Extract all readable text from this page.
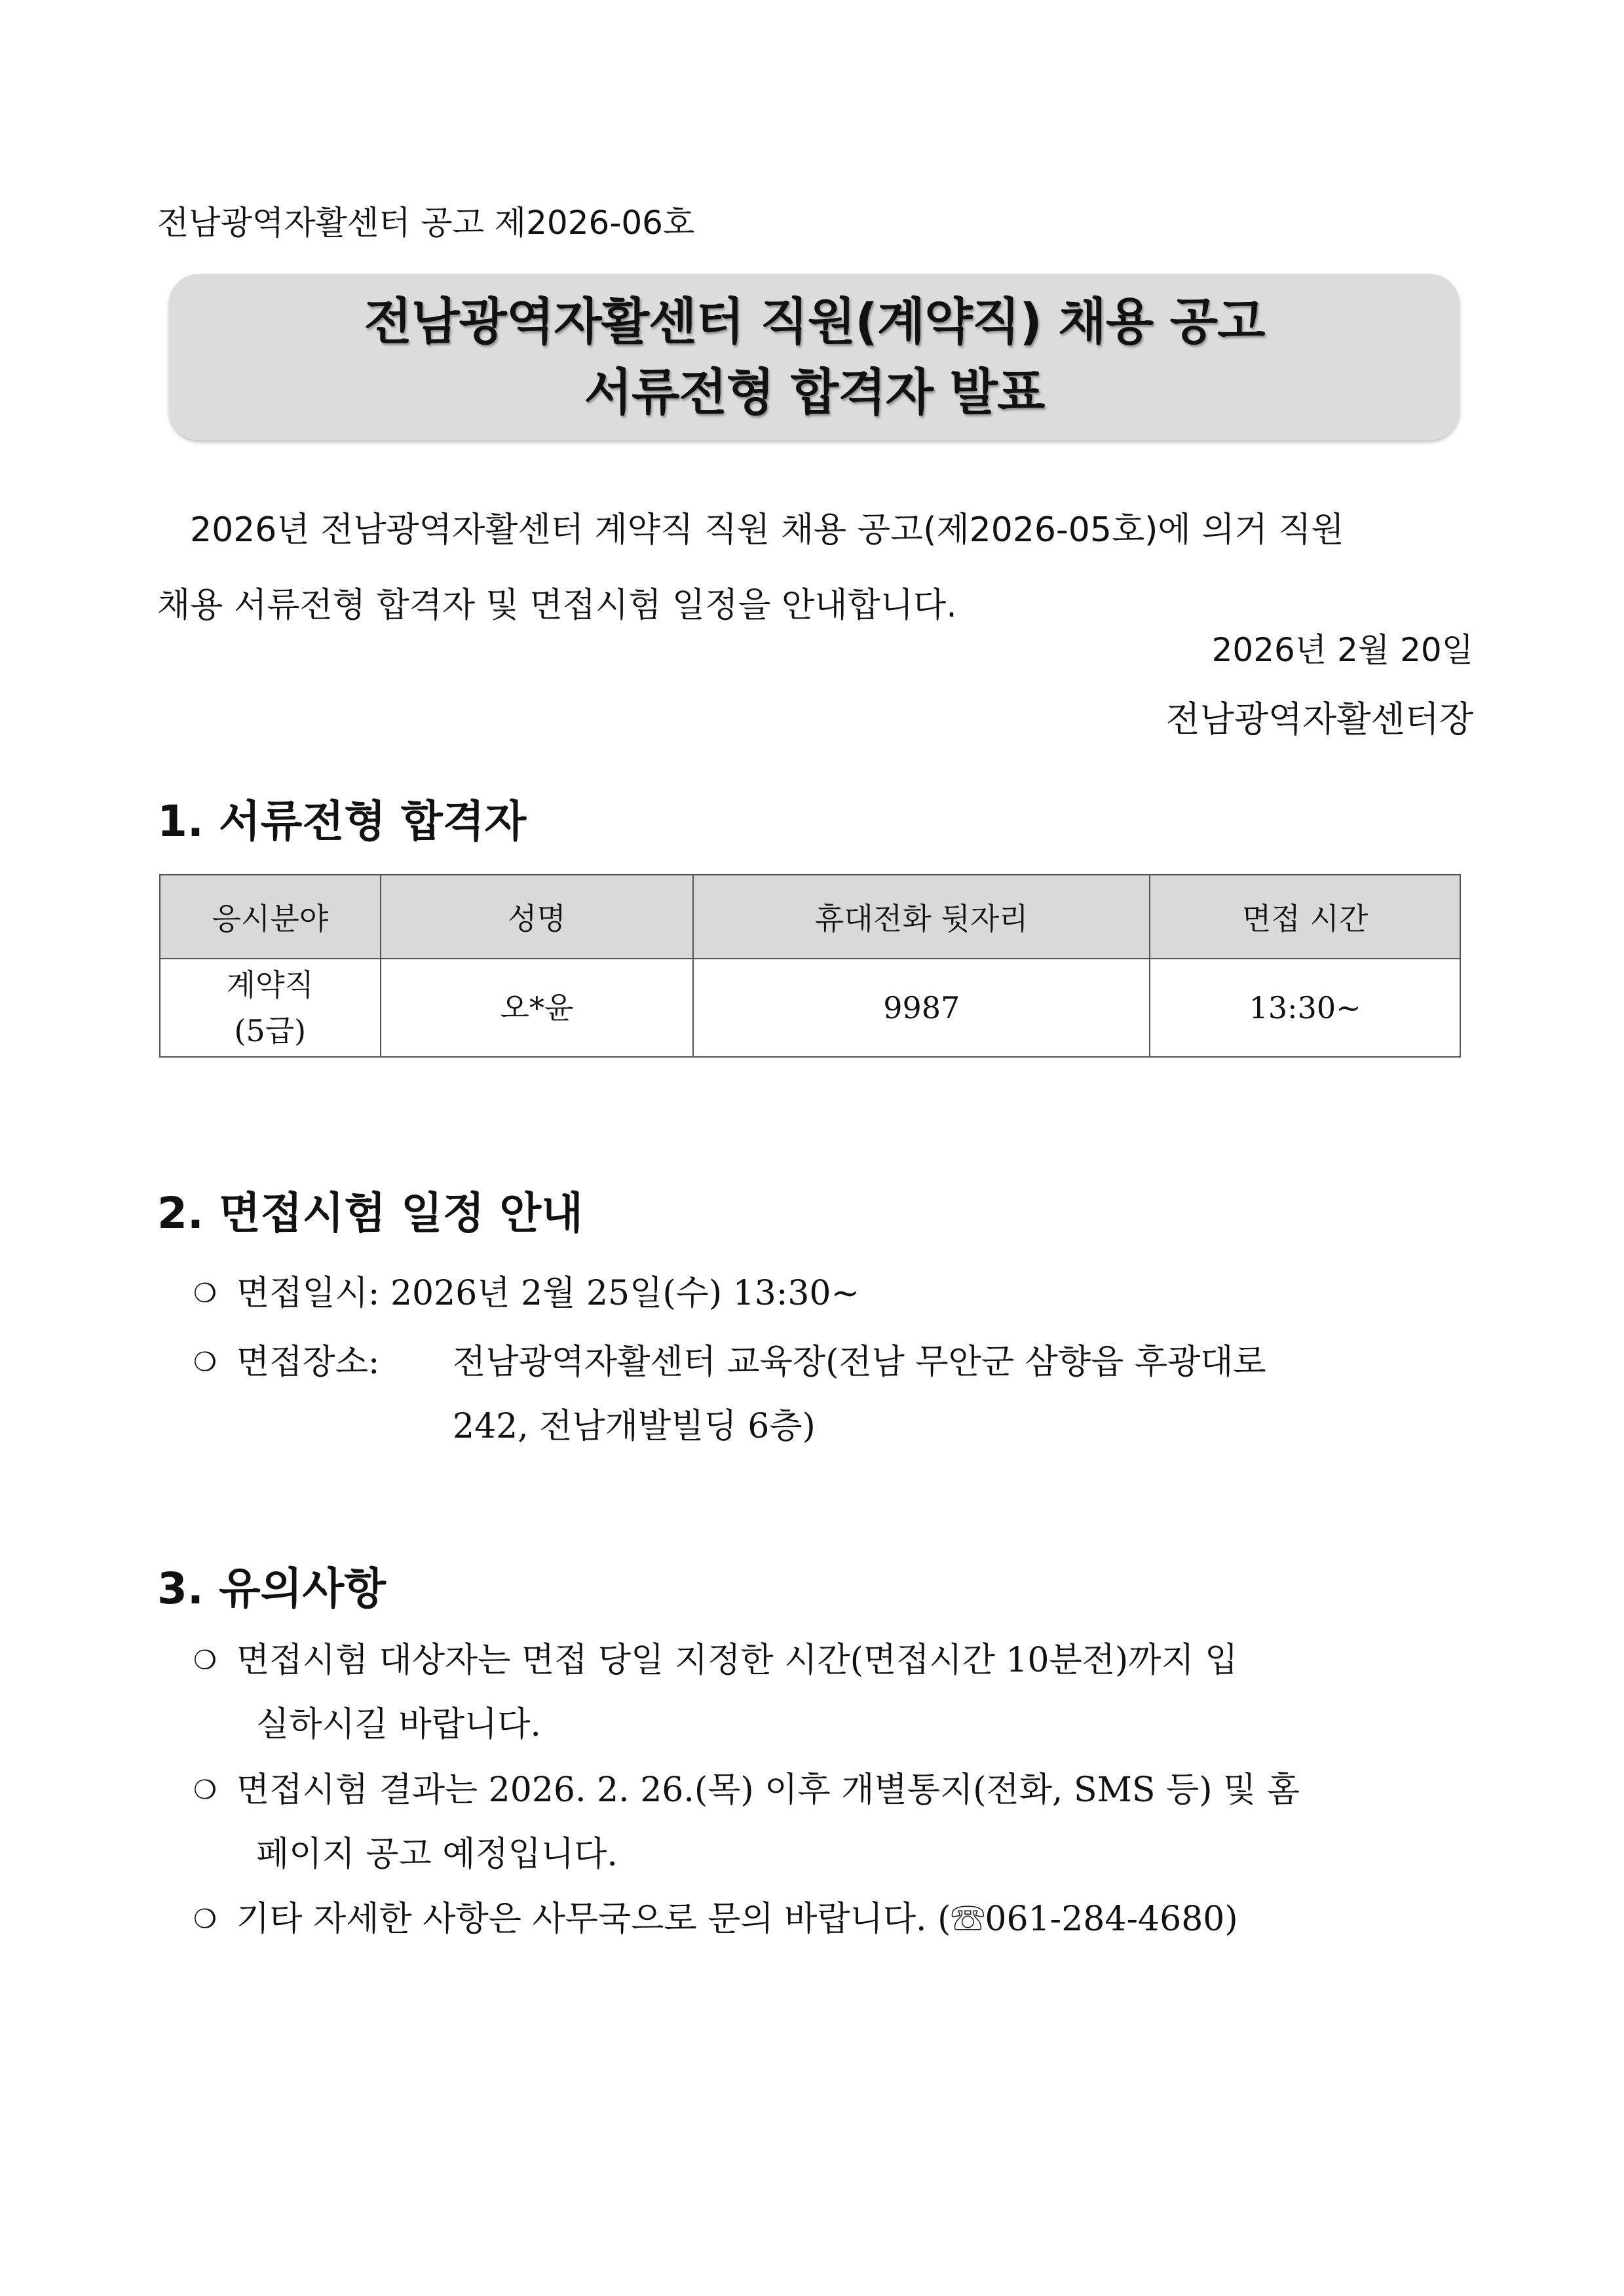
전남광역자활센터 공고 제2026-06호
전남광역자활센터 직원(계약직) 채용 공고
서류전형 합격자 발표
2026년 전남광역자활센터 계약직 직원 채용 공고(제2026-05호)에 의거 직원
채용 서류전형 합격자 및 면접시험 일정을 안내합니다.
2026년 2월 20일
전남광역자활센터장
1. 서류전형 합격자
응시분야	성명	휴대전화 뒷자리	면접 시간

계약직
(5급)	오*윤	9987	13:30~
2. 면접시험 일정 안내
❍ 면접일시: 2026년 2월 25일(수) 13:30~
❍ 면접장소:	전남광역자활센터 교육장(전남 무안군 삼향읍 후광대로
242, 전남개발빌딩 6층)
3. 유의사항
❍ 면접시험 대상자는 면접 당일 지정한 시간(면접시간 10분전)까지 입
실하시길 바랍니다.
❍ 면접시험 결과는 2026. 2. 26.(목) 이후 개별통지(전화, SMS 등) 및 홈
페이지 공고 예정입니다.
❍ 기타 자세한 사항은 사무국으로 문의 바랍니다. (☏061-284-4680)
